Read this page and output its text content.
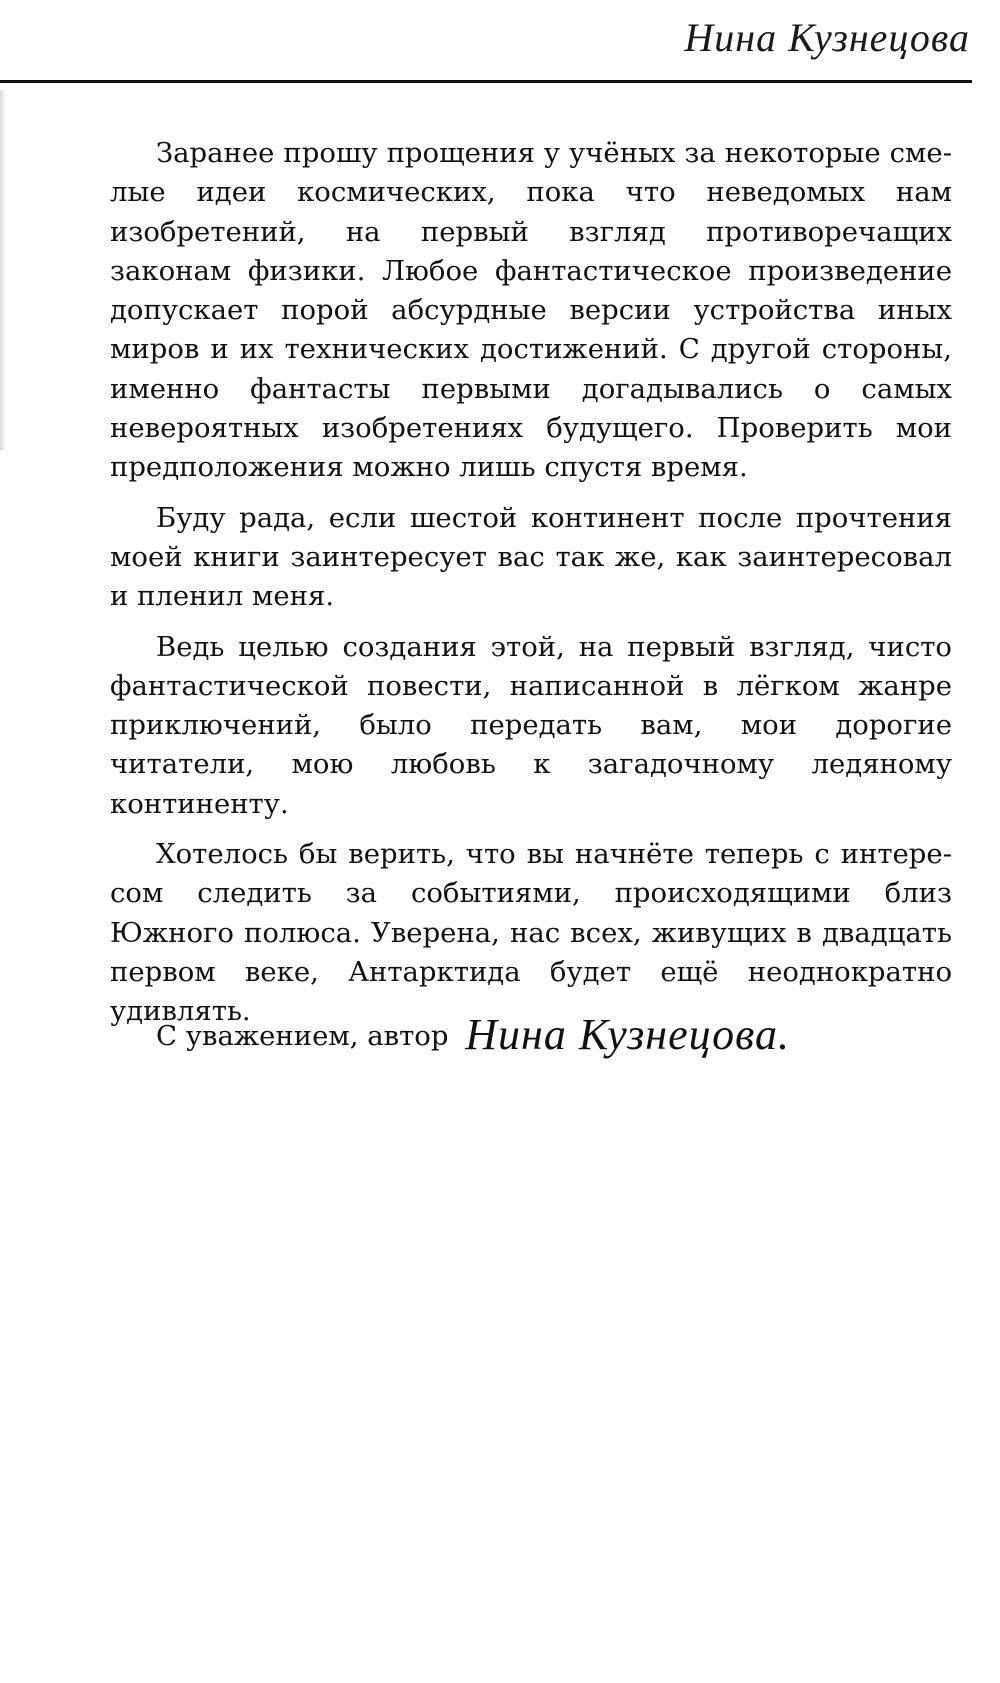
Нина Кузнецова

Заранее прошу прощения у учёных за некоторые смелые идеи космических, пока что неведомых нам изобретений, на первый взгляд противоречащих законам физики. Любое фантастическое произведение допускает порой абсурдные версии устройства иных миров и их технических достижений. С другой стороны, именно фантасты первыми догадывались о самых невероятных изобретениях будущего. Проверить мои предположения можно лишь спустя время.

Буду рада, если шестой континент после прочтения моей книги заинтересует вас так же, как заинтересовал и пленил меня.

Ведь целью создания этой, на первый взгляд, чисто фантастической повести, написанной в лёгком жанре приключений, было передать вам, мои дорогие читатели, мою любовь к загадочному ледяному континенту.

Хотелось бы верить, что вы начнёте теперь с интересом следить за событиями, происходящими близ Южного полюса. Уверена, нас всех, живущих в двадцать первом веке, Антарктида будет ещё неоднократно удивлять.

С уважением, автор Нина Кузнецова.
